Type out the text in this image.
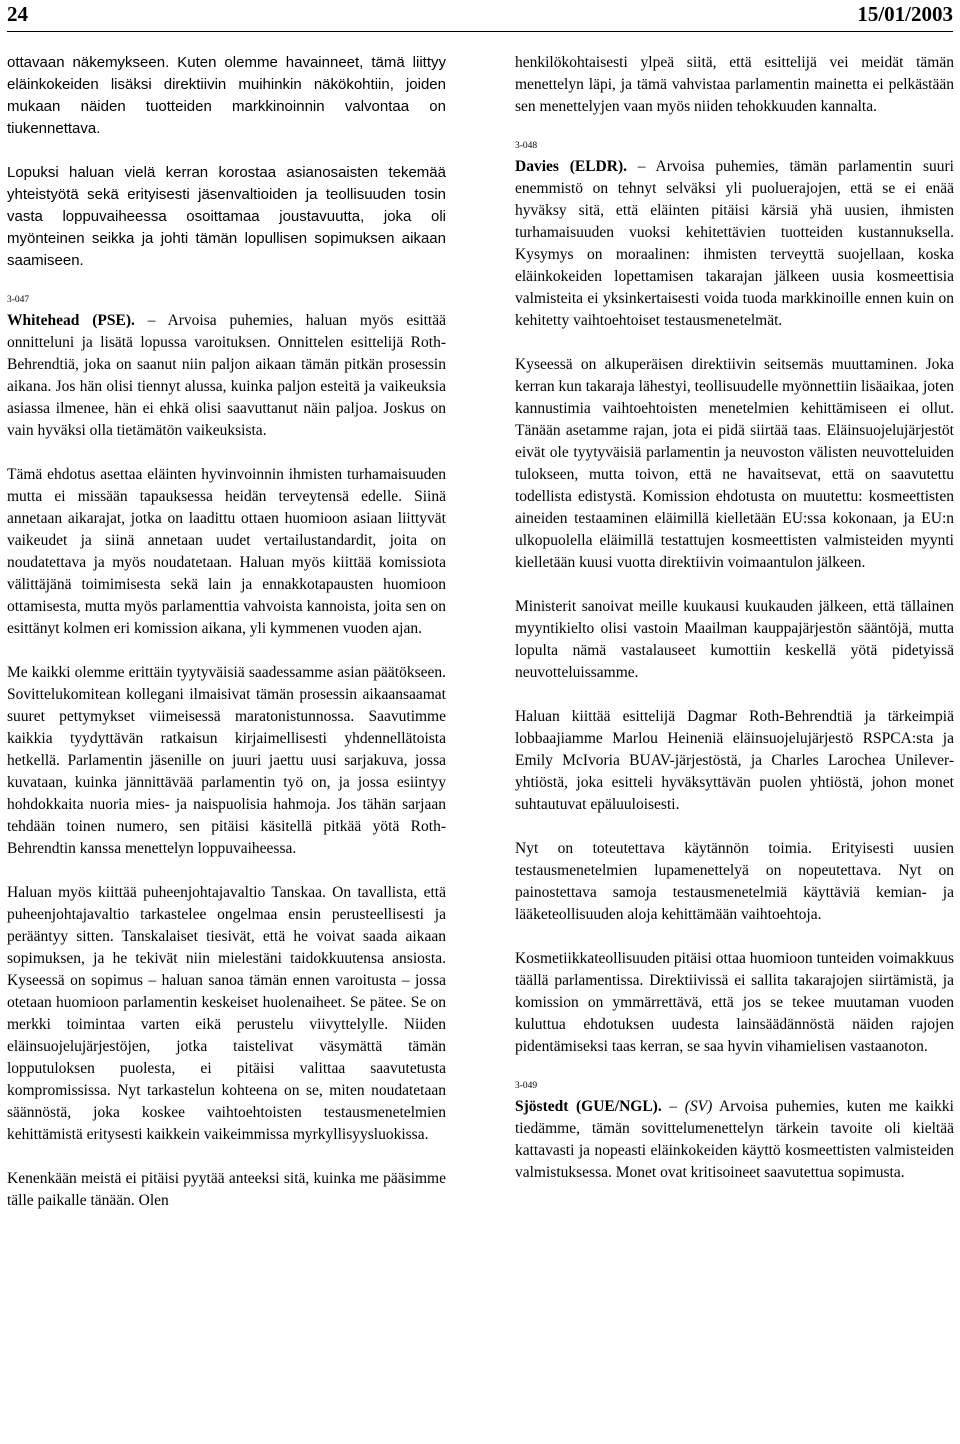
24	15/01/2003

ottavaan näkemykseen. Kuten olemme havainneet, tämä liittyy eläinkokeiden lisäksi direktiivin muihinkin näkökohtiin, joiden mukaan näiden tuotteiden markkinoinnin valvontaa on tiukennettava.

Lopuksi haluan vielä kerran korostaa asianosaisten tekemää yhteistyötä sekä erityisesti jäsenvaltioiden ja teollisuuden tosin vasta loppuvaiheessa osoittamaa joustavuutta, joka oli myönteinen seikka ja johti tämän lopullisen sopimuksen aikaan saamiseen.

3-047

Whitehead (PSE). – Arvoisa puhemies, haluan myös esittää onnitteluni ja lisätä lopussa varoituksen. Onnittelen esittelijä Roth-Behrendtiä, joka on saanut niin paljon aikaan tämän pitkän prosessin aikana. Jos hän olisi tiennyt alussa, kuinka paljon esteitä ja vaikeuksia asiassa ilmenee, hän ei ehkä olisi saavuttanut näin paljoa. Joskus on vain hyväksi olla tietämätön vaikeuksista.

Tämä ehdotus asettaa eläinten hyvinvoinnin ihmisten turhamaisuuden mutta ei missään tapauksessa heidän terveytensä edelle. Siinä annetaan aikarajat, jotka on laadittu ottaen huomioon asiaan liittyvät vaikeudet ja siinä annetaan uudet vertailustandardit, joita on noudatettava ja myös noudatetaan. Haluan myös kiittää komissiota välittäjänä toimimisesta sekä lain ja ennakkotapausten huomioon ottamisesta, mutta myös parlamenttia vahvoista kannoista, joita sen on esittänyt kolmen eri komission aikana, yli kymmenen vuoden ajan.

Me kaikki olemme erittäin tyytyväisiä saadessamme asian päätökseen. Sovittelukomitean kollegani ilmaisivat tämän prosessin aikaansaamat suuret pettymykset viimeisessä maratonistunnossa. Saavutimme kaikkia tyydyttävän ratkaisun kirjaimellisesti yhdennellätoista hetkellä. Parlamentin jäsenille on juuri jaettu uusi sarjakuva, jossa kuvataan, kuinka jännittävää parlamentin työ on, ja jossa esiintyy hohdokkaita nuoria mies- ja naispuolisia hahmoja. Jos tähän sarjaan tehdään toinen numero, sen pitäisi käsitellä pitkää yötä Roth-Behrendtin kanssa menettelyn loppuvaiheessa.

Haluan myös kiittää puheenjohtajavaltio Tanskaa. On tavallista, että puheenjohtajavaltio tarkastelee ongelmaa ensin perusteellisesti ja perääntyy sitten. Tanskalaiset tiesivät, että he voivat saada aikaan sopimuksen, ja he tekivät niin mielestäni taidokkuutensa ansiosta. Kyseessä on sopimus – haluan sanoa tämän ennen varoitusta – jossa otetaan huomioon parlamentin keskeiset huolenaiheet. Se pätee. Se on merkki toimintaa varten eikä perustelu viivyttelylle. Niiden eläinsuojelujärjestöjen, jotka taistelivat väsymättä tämän lopputuloksen puolesta, ei pitäisi valittaa saavutetusta kompromississa. Nyt tarkastelun kohteena on se, miten noudatetaan säännöstä, joka koskee vaihtoehtoisten testausmenetelmien kehittämistä eritysesti kaikkein vaikeimmissa myrkyllisyysluokissa.

Kenenkään meistä ei pitäisi pyytää anteeksi sitä, kuinka me pääsimme tälle paikalle tänään. Olen

henkilökohtaisesti ylpeä siitä, että esittelijä vei meidät tämän menettelyn läpi, ja tämä vahvistaa parlamentin mainetta ei pelkästään sen menettelyjen vaan myös niiden tehokkuuden kannalta.

3-048

Davies (ELDR). – Arvoisa puhemies, tämän parlamentin suuri enemmistö on tehnyt selväksi yli puoluerajojen, että se ei enää hyväksy sitä, että eläinten pitäisi kärsiä yhä uusien, ihmisten turhamaisuuden vuoksi kehitettävien tuotteiden kustannuksella. Kysymys on moraalinen: ihmisten terveyttä suojellaan, koska eläinkokeiden lopettamisen takarajan jälkeen uusia kosmeettisia valmisteita ei yksinkertaisesti voida tuoda markkinoille ennen kuin on kehitetty vaihtoehtoiset testausmenetelmät.

Kyseessä on alkuperäisen direktiivin seitsemäs muuttaminen. Joka kerran kun takaraja lähestyi, teollisuudelle myönnettiin lisäaikaa, joten kannustimia vaihtoehtoisten menetelmien kehittämiseen ei ollut. Tänään asetamme rajan, jota ei pidä siirtää taas. Eläinsuojelujärjestöt eivät ole tyytyväisiä parlamentin ja neuvoston välisten neuvotteluiden tulokseen, mutta toivon, että ne havaitsevat, että on saavutettu todellista edistystä. Komission ehdotusta on muutettu: kosmeettisten aineiden testaaminen eläimillä kielletään EU:ssa kokonaan, ja EU:n ulkopuolella eläimillä testattujen kosmeettisten valmisteiden myynti kielletään kuusi vuotta direktiivin voimaantulon jälkeen.

Ministerit sanoivat meille kuukausi kuukauden jälkeen, että tällainen myyntikielto olisi vastoin Maailman kauppajärjestön sääntöjä, mutta lopulta nämä vastalauseet kumottiin keskellä yötä pidetyissä neuvotteluissamme.

Haluan kiittää esittelijä Dagmar Roth-Behrendtiä ja tärkeimpiä lobbaajiamme Marlou Heineniä eläinsuojelujärjestö RSPCA:sta ja Emily McIvoria BUAV-järjestöstä, ja Charles Larochea Unilever-yhtiöstä, joka esitteli hyväksyttävän puolen yhtiöstä, johon monet suhtautuvat epäluuloisesti.

Nyt on toteutettava käytännön toimia. Erityisesti uusien testausmenetelmien lupamenettelyä on nopeutettava. Nyt on painostettava samoja testausmenetelmiä käyttäviä kemian- ja lääketeollisuuden aloja kehittämään vaihtoehtoja.

Kosmetiikkateollisuuden pitäisi ottaa huomioon tunteiden voimakkuus täällä parlamentissa. Direktiivissä ei sallita takarajojen siirtämistä, ja komission on ymmärrettävä, että jos se tekee muutaman vuoden kuluttua ehdotuksen uudesta lainsäädännöstä näiden rajojen pidentämiseksi taas kerran, se saa hyvin vihamielisen vastaanoton.

3-049

Sjöstedt (GUE/NGL). – (SV) Arvoisa puhemies, kuten me kaikki tiedämme, tämän sovittelumenettelyn tärkein tavoite oli kieltää kattavasti ja nopeasti eläinkokeiden käyttö kosmeettisten valmisteiden valmistuksessa. Monet ovat kritisoineet saavutettua sopimusta.
